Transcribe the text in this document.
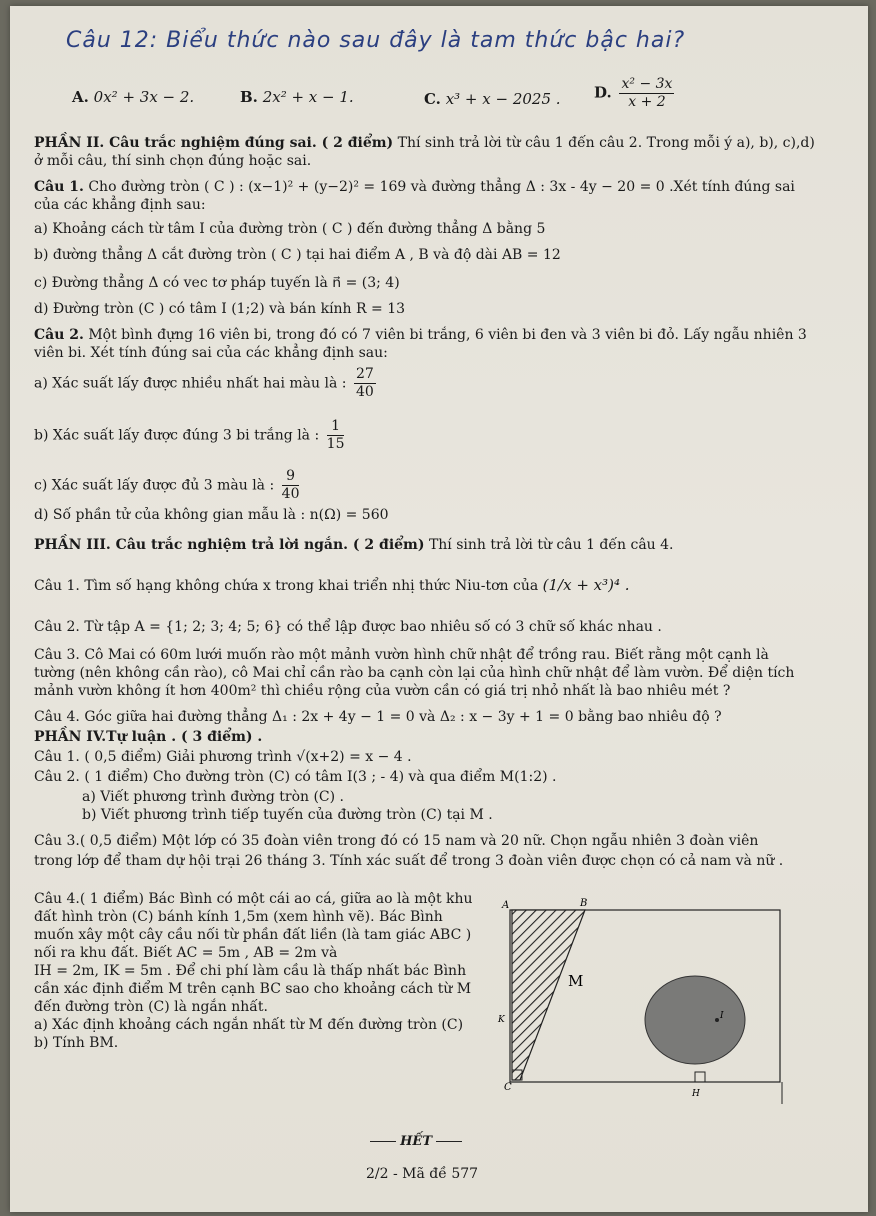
Câu 12: Biểu thức nào sau đây là tam thức bậc hai?
A. 0x² + 3x − 2.	B. 2x² + x − 1.	C. x³ + x − 2025 . D. $\frac{\text{x² − 3x}}{x + 2}$
PHẦN II. Câu trắc nghiệm đúng sai. ( 2 điểm) Thí sinh trả lời từ câu 1 đến câu 2. Trong mỗi ý a), b), c),d)
ở mỗi câu, thí sinh chọn đúng hoặc sai.
Câu 1. Cho đường tròn ( C ) : (x−1)² + (y−2)² = 169 và đường thẳng Δ : 3x - 4y − 20 = 0 .Xét tính đúng sai
của các khẳng định sau:
a) Khoảng cách từ tâm I của đường tròn ( C ) đến đường thẳng Δ bằng 5
b) đường thẳng Δ cắt đường tròn ( C ) tại hai điểm A , B và độ dài AB = 12
c) Đường thẳng Δ có vec tơ pháp tuyến là n⃗ = (3; 4)
d) Đường tròn (C ) có tâm I (1;2) và bán kính R = 13
Câu 2. Một bình đựng 16 viên bi, trong đó có 7 viên bi trắng, 6 viên bi đen và 3 viên bi đỏ. Lấy ngẫu nhiên 3
viên bi. Xét tính đúng sai của các khẳng định sau:
a) Xác suất lấy được nhiều nhất hai màu là : $\frac{27}{40}$
b) Xác suất lấy được đúng 3 bi trắng là : $\frac{1}{15}$
c) Xác suất lấy được đủ 3 màu là : $\frac{9}{40}$
d) Số phần tử của không gian mẫu là : n(Ω) = 560
PHẦN III. Câu trắc nghiệm trả lời ngắn. ( 2 điểm) Thí sinh trả lời từ câu 1 đến câu 4.
Câu 1. Tìm số hạng không chứa x trong khai triển nhị thức Niu-tơn của (1/x + x³)⁴ .
Câu 2. Từ tập A = {1; 2; 3; 4; 5; 6} có thể lập được bao nhiêu số có 3 chữ số khác nhau .
Câu 3. Cô Mai có 60m lưới muốn rào một mảnh vườn hình chữ nhật để trồng rau. Biết rằng một cạnh là
tường (nên không cần rào), cô Mai chỉ cần rào ba cạnh còn lại của hình chữ nhật để làm vườn. Để diện tích
mảnh vườn không ít hơn 400m² thì chiều rộng của vườn cần có giá trị nhỏ nhất là bao nhiêu mét ?
Câu 4. Góc giữa hai đường thẳng Δ₁ : 2x + 4y − 1 = 0 và Δ₂ : x − 3y + 1 = 0 bằng bao nhiêu độ ?
PHẦN IV.Tự luận . ( 3 điểm) .
Câu 1. ( 0,5 điểm) Giải phương trình √(x+2) = x − 4 .
Câu 2. ( 1 điểm) Cho đường tròn (C) có tâm I(3 ; - 4) và qua điểm M(1:2) .
a) Viết phương trình đường tròn (C) .
b) Viết phương trình tiếp tuyến của đường tròn (C) tại M .
Câu 3.( 0,5 điểm) Một lớp có 35 đoàn viên trong đó có 15 nam và 20 nữ. Chọn ngẫu nhiên 3 đoàn viên
trong lớp để tham dự hội trại 26 tháng 3. Tính xác suất để trong 3 đoàn viên được chọn có cả nam và nữ .
Câu 4.( 1 điểm) Bác Bình có một cái ao cá, giữa ao là một khu
đất hình tròn (C) bánh kính 1,5m (xem hình vẽ). Bác Bình
muốn xây một cây cầu nối từ phần đất liền (là tam giác ABC )
nối ra khu đất. Biết AC = 5m , AB = 2m và
IH = 2m, IK = 5m . Để chi phí làm cầu là thấp nhất bác Bình
cần xác định điểm M trên cạnh BC sao cho khoảng cách từ M
đến đường tròn (C) là ngắn nhất.
a) Xác định khoảng cách ngắn nhất từ M đến đường tròn (C)
b) Tính BM.
A	B
M
K	I
C
H
HẾT
2/2 - Mã đề 577
